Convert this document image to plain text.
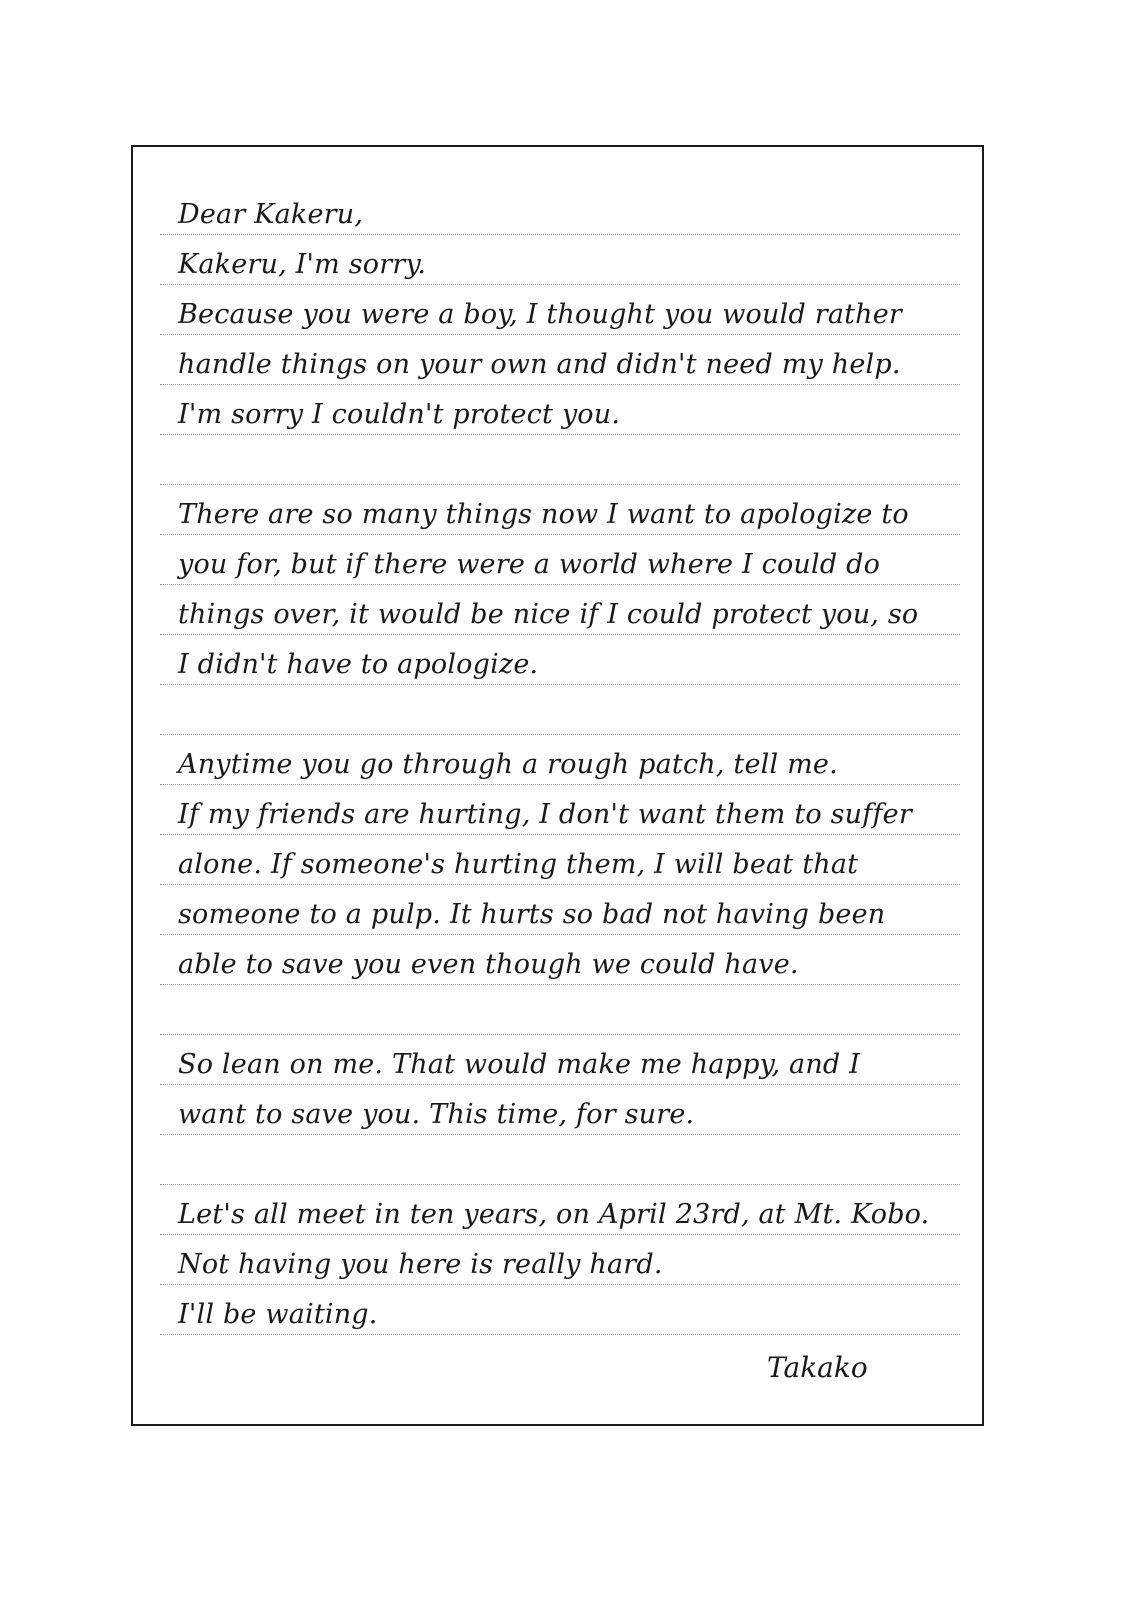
Dear Kakeru,
Kakeru, I'm sorry.
Because you were a boy, I thought you would rather
handle things on your own and didn't need my help.
I'm sorry I couldn't protect you.
There are so many things now I want to apologize to
you for, but if there were a world where I could do
things over, it would be nice if I could protect you, so
I didn't have to apologize.
Anytime you go through a rough patch, tell me.
If my friends are hurting, I don't want them to suffer
alone. If someone's hurting them, I will beat that
someone to a pulp. It hurts so bad not having been
able to save you even though we could have.
So lean on me. That would make me happy, and I
want to save you. This time, for sure.
Let's all meet in ten years, on April 23rd, at Mt. Kobo.
Not having you here is really hard.
I'll be waiting.
Takako
